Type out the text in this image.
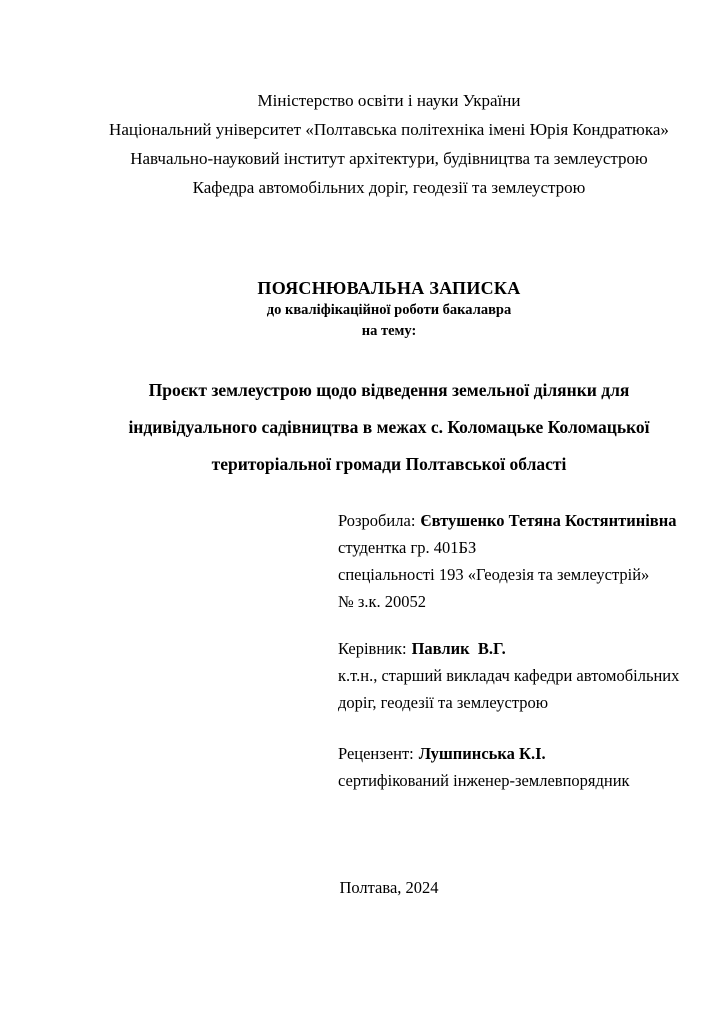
Міністерство освіти і науки України
Національний університет «Полтавська політехніка імені Юрія Кондратюка»
Навчально-науковий інститут архітектури, будівництва та землеустрою
Кафедра автомобільних доріг, геодезії та землеустрою
ПОЯСНЮВАЛЬНА ЗАПИСКА
до кваліфікаційної роботи бакалавра
на тему:
Проєкт землеустрою щодо відведення земельної ділянки для
індивідуального садівництва в межах с. Коломацьке Коломацької
територіальної громади Полтавської області
Розробила: Євтушенко Тетяна Костянтинівна
студентка гр. 401БЗ
спеціальності 193 «Геодезія та землеустрій»
№ з.к. 20052
Керівник: Павлик  В.Г.
к.т.н., старший викладач кафедри автомобільних доріг, геодезії та землеустрою
Рецензент: Лушпинська К.І.
сертифікований інженер-землевпорядник
Полтава, 2024
